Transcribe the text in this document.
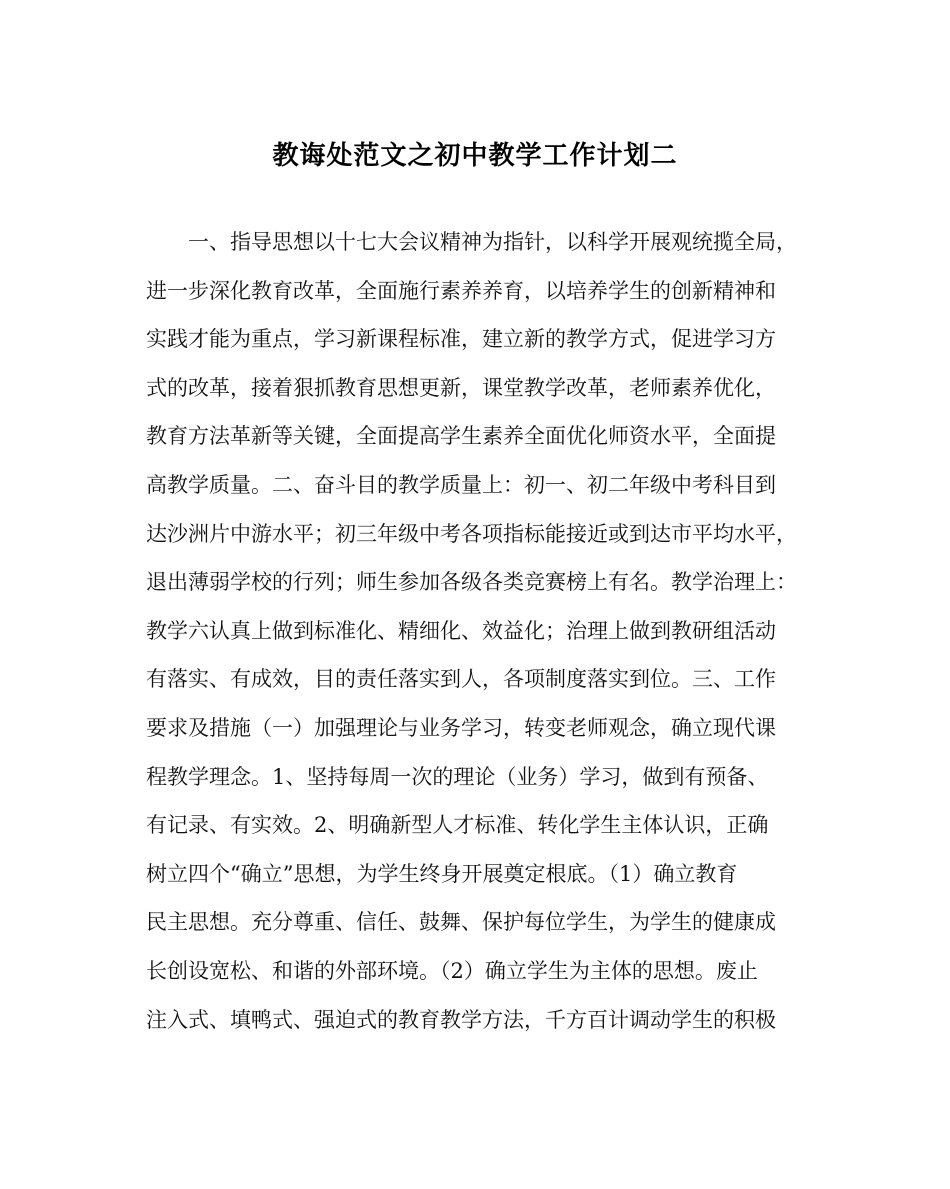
教诲处范文之初中教学工作计划二
　　一、指导思想以十七大会议精神为指针，以科学开展观统揽全局，
进一步深化教育改革，全面施行素养养育，以培养学生的创新精神和
实践才能为重点，学习新课程标准，建立新的教学方式，促进学习方
式的改革，接着狠抓教育思想更新，课堂教学改革，老师素养优化，
教育方法革新等关键，全面提高学生素养全面优化师资水平，全面提
高教学质量。二、奋斗目的教学质量上：初一、初二年级中考科目到
达沙洲片中游水平；初三年级中考各项指标能接近或到达市平均水平，
退出薄弱学校的行列；师生参加各级各类竞赛榜上有名。教学治理上：
教学六认真上做到标准化、精细化、效益化；治理上做到教研组活动
有落实、有成效，目的责任落实到人，各项制度落实到位。三、工作
要求及措施（一）加强理论与业务学习，转变老师观念，确立现代课
程教学理念。1、坚持每周一次的理论（业务）学习，做到有预备、
有记录、有实效。2、明确新型人才标准、转化学生主体认识，正确
树立四个“确立”思想，为学生终身开展奠定根底。（1）确立教育
民主思想。充分尊重、信任、鼓舞、保护每位学生，为学生的健康成
长创设宽松、和谐的外部环境。（2）确立学生为主体的思想。废止
注入式、填鸭式、强迫式的教育教学方法，千方百计调动学生的积极
